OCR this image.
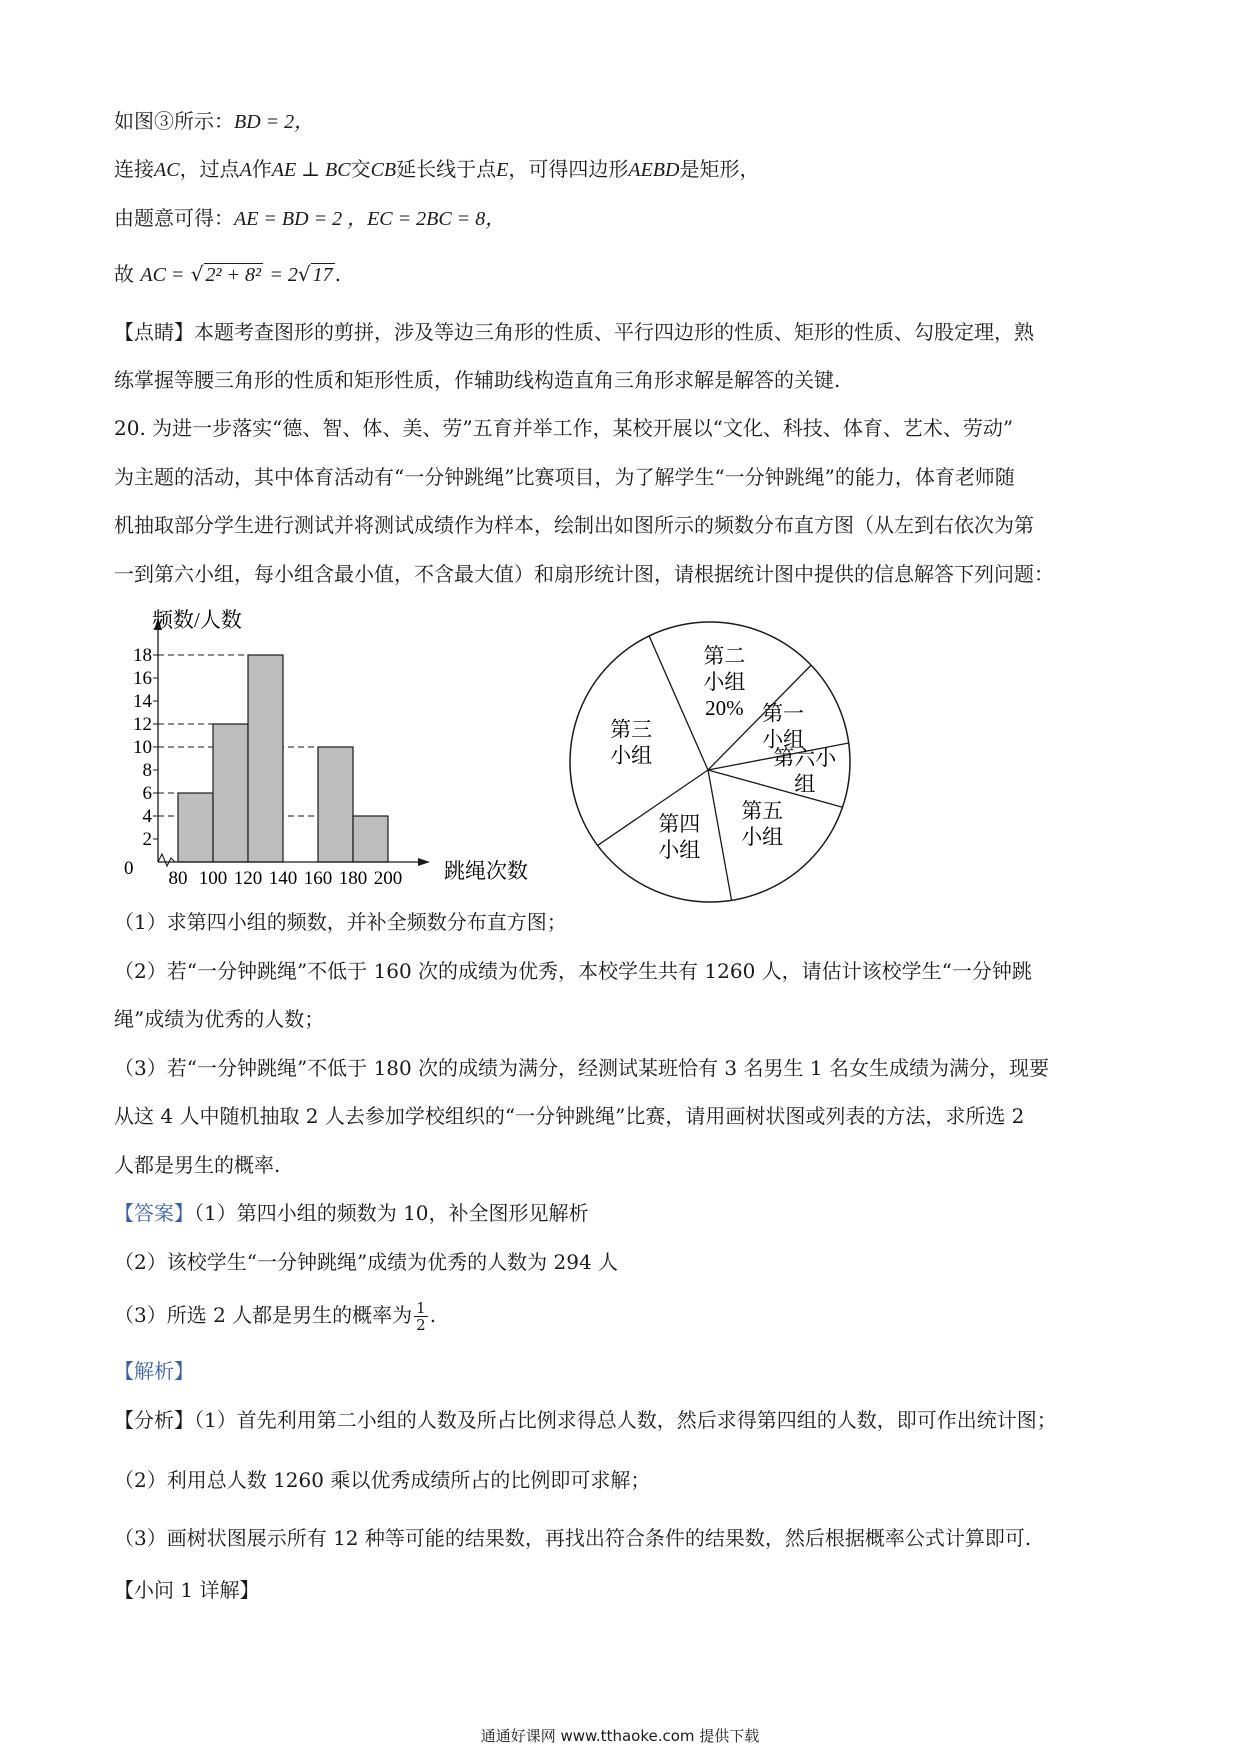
如图③所示：BD = 2，
连接AC，过点A作AE ⊥ BC交CB延长线于点E，可得四边形AEBD是矩形，
由题意可得：AE = BD = 2 ，EC = 2BC = 8，
故 AC = √ 2² + 8² = 2√ 17 .
【点睛】本题考查图形的剪拼，涉及等边三角形的性质、平行四边形的性质、矩形的性质、勾股定理，熟
练掌握等腰三角形的性质和矩形性质，作辅助线构造直角三角形求解是解答的关键.
20. 为进一步落实“德、智、体、美、劳”五育并举工作，某校开展以“文化、科技、体育、艺术、劳动”
为主题的活动，其中体育活动有“一分钟跳绳”比赛项目，为了解学生“一分钟跳绳”的能力，体育老师随
机抽取部分学生进行测试并将测试成绩作为样本，绘制出如图所示的频数分布直方图（从左到右依次为第
一到第六小组，每小组含最小值，不含最大值）和扇形统计图，请根据统计图中提供的信息解答下列问题：
0
2
4
6
8
10
12
14
16
18
80 100 120 140 160 180 200
频数/人数
跳绳次数
第二小组 20% 第一小组
第六小组
第五小组
第四小组
第三小组
（1）求第四小组的频数，并补全频数分布直方图；
（2）若“一分钟跳绳”不低于 160 次的成绩为优秀，本校学生共有 1260 人，请估计该校学生“一分钟跳
绳”成绩为优秀的人数；
（3）若“一分钟跳绳”不低于 180 次的成绩为满分，经测试某班恰有 3 名男生 1 名女生成绩为满分，现要
从这 4 人中随机抽取 2 人去参加学校组织的“一分钟跳绳”比赛，请用画树状图或列表的方法，求所选 2
人都是男生的概率.
【答案】（1）第四小组的频数为 10，补全图形见解析
（2）该校学生“一分钟跳绳”成绩为优秀的人数为 294 人
（3）所选 2 人都是男生的概率为 $\frac{1}{2}$ .
【解析】
【分析】（1）首先利用第二小组的人数及所占比例求得总人数，然后求得第四组的人数，即可作出统计图；
（2）利用总人数 1260 乘以优秀成绩所占的比例即可求解；
（3）画树状图展示所有 12 种等可能的结果数，再找出符合条件的结果数，然后根据概率公式计算即可.
【小问 1 详解】
通通好课网 www.tthaoke.com 提供下载
